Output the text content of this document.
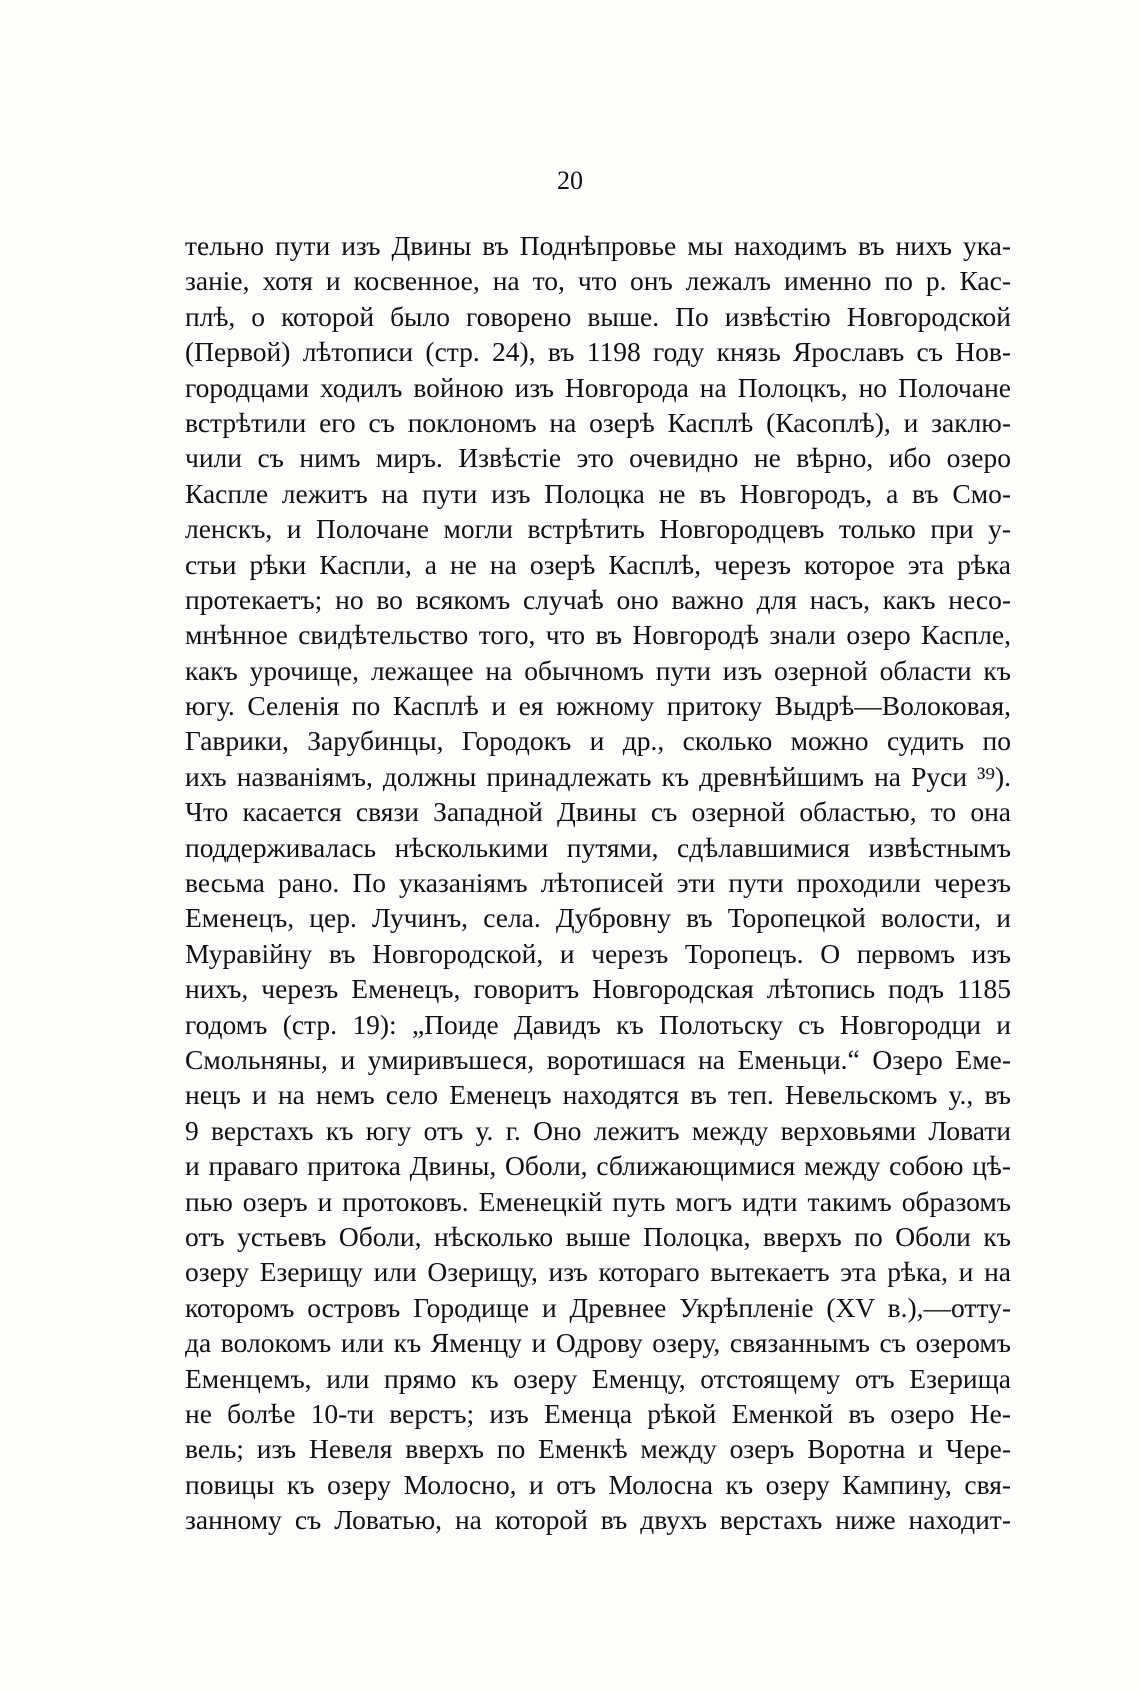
20
тельно пути изъ Двины въ Поднѣпровье мы находимъ въ нихъ ука-
заніе, хотя и косвенное, на то, что онъ лежалъ именно по р. Кас-
плѣ, о которой было говорено выше. По извѣстію Новгородской
(Первой) лѣтописи (стр. 24), въ 1198 году князь Ярославъ съ Нов-
городцами ходилъ войною изъ Новгорода на Полоцкъ, но Полочане
встрѣтили его съ поклономъ на озерѣ Касплѣ (Касоплѣ), и заклю-
чили съ нимъ миръ. Извѣстіе это очевидно не вѣрно, ибо озеро
Каспле лежитъ на пути изъ Полоцка не въ Новгородъ, а въ Смо-
ленскъ, и Полочане могли встрѣтить Новгородцевъ только при у-
стьи рѣки Каспли, а не на озерѣ Касплѣ, черезъ которое эта рѣка
протекаетъ; но во всякомъ случаѣ оно важно для насъ, какъ несо-
мнѣнное свидѣтельство того, что въ Новгородѣ знали озеро Каспле,
какъ урочище, лежащее на обычномъ пути изъ озерной области къ
югу. Селенія по Касплѣ и ея южному притоку Выдрѣ—Волоковая,
Гаврики, Зарубинцы, Городокъ и др., сколько можно судить по
ихъ названіямъ, должны принадлежать къ древнѣйшимъ на Руси ³⁹).
Что касается связи Западной Двины съ озерной областью, то она
поддерживалась нѣсколькими путями, сдѣлавшимися извѣстнымъ
весьма рано. По указаніямъ лѣтописей эти пути проходили черезъ
Еменецъ, цер. Лучинъ, села. Дубровну въ Торопецкой волости, и
Муравійну въ Новгородской, и черезъ Торопецъ. О первомъ изъ
нихъ, черезъ Еменецъ, говоритъ Новгородская лѣтопись подъ 1185
годомъ (стр. 19): „Поиде Давидъ къ Полотьску съ Новгородци и
Смольняны, и умиривъшеся, воротишася на Еменьци.“ Озеро Еме-
нецъ и на немъ село Еменецъ находятся въ теп. Невельскомъ у., въ
9 верстахъ къ югу отъ у. г. Оно лежитъ между верховьями Ловати
и праваго притока Двины, Оболи, сближающимися между собою цѣ-
пью озеръ и протоковъ. Еменецкій путь могъ идти такимъ образомъ
отъ устьевъ Оболи, нѣсколько выше Полоцка, вверхъ по Оболи къ
озеру Езерищу или Озерищу, изъ котораго вытекаетъ эта рѣка, и на
которомъ островъ Городище и Древнее Укрѣпленіе (XV в.),—отту-
да волокомъ или къ Яменцу и Одрову озеру, связаннымъ съ озеромъ
Еменцемъ, или прямо къ озеру Еменцу, отстоящему отъ Езерища
не болѣе 10-ти верстъ; изъ Еменца рѣкой Еменкой въ озеро Не-
вель; изъ Невеля вверхъ по Еменкѣ между озеръ Воротна и Чере-
повицы къ озеру Молосно, и отъ Молосна къ озеру Кампину, свя-
занному съ Ловатью, на которой въ двухъ верстахъ ниже находит-
